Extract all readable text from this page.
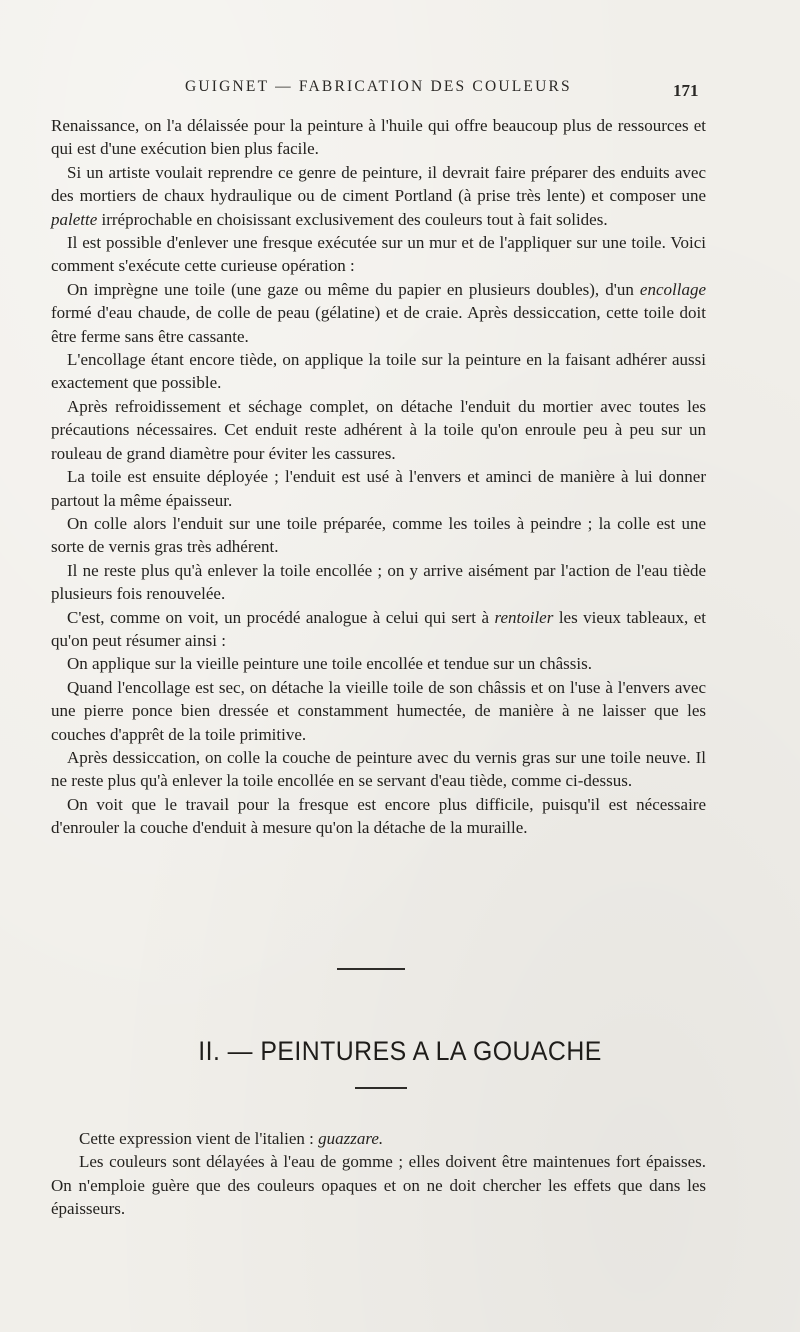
GUIGNET — FABRICATION DES COULEURS	171

Renaissance, on l'a délaissée pour la peinture à l'huile qui offre beaucoup plus de ressources et qui est d'une exécution bien plus facile.

Si un artiste voulait reprendre ce genre de peinture, il devrait faire préparer des enduits avec des mortiers de chaux hydraulique ou de ciment Portland (à prise très lente) et composer une palette irréprochable en choisissant exclusivement des couleurs tout à fait solides.

Il est possible d'enlever une fresque exécutée sur un mur et de l'appliquer sur une toile. Voici comment s'exécute cette curieuse opération :

On imprègne une toile (une gaze ou même du papier en plusieurs doubles), d'un encollage formé d'eau chaude, de colle de peau (gélatine) et de craie. Après dessiccation, cette toile doit être ferme sans être cassante.

L'encollage étant encore tiède, on applique la toile sur la peinture en la faisant adhérer aussi exactement que possible.

Après refroidissement et séchage complet, on détache l'enduit du mortier avec toutes les précautions nécessaires. Cet enduit reste adhérent à la toile qu'on enroule peu à peu sur un rouleau de grand diamètre pour éviter les cassures.

La toile est ensuite déployée ; l'enduit est usé à l'envers et aminci de manière à lui donner partout la même épaisseur.

On colle alors l'enduit sur une toile préparée, comme les toiles à peindre ; la colle est une sorte de vernis gras très adhérent.

Il ne reste plus qu'à enlever la toile encollée ; on y arrive aisément par l'action de l'eau tiède plusieurs fois renouvelée.

C'est, comme on voit, un procédé analogue à celui qui sert à rentoiler les vieux tableaux, et qu'on peut résumer ainsi :

On applique sur la vieille peinture une toile encollée et tendue sur un châssis.

Quand l'encollage est sec, on détache la vieille toile de son châssis et on l'use à l'envers avec une pierre ponce bien dressée et constamment humectée, de manière à ne laisser que les couches d'apprêt de la toile primitive.

Après dessiccation, on colle la couche de peinture avec du vernis gras sur une toile neuve. Il ne reste plus qu'à enlever la toile encollée en se servant d'eau tiède, comme ci-dessus.

On voit que le travail pour la fresque est encore plus difficile, puisqu'il est nécessaire d'enrouler la couche d'enduit à mesure qu'on la détache de la muraille.

II. — PEINTURES A LA GOUACHE

Cette expression vient de l'italien : guazzare.

Les couleurs sont délayées à l'eau de gomme ; elles doivent être maintenues fort épaisses. On n'emploie guère que des couleurs opaques et on ne doit chercher les effets que dans les épaisseurs.
